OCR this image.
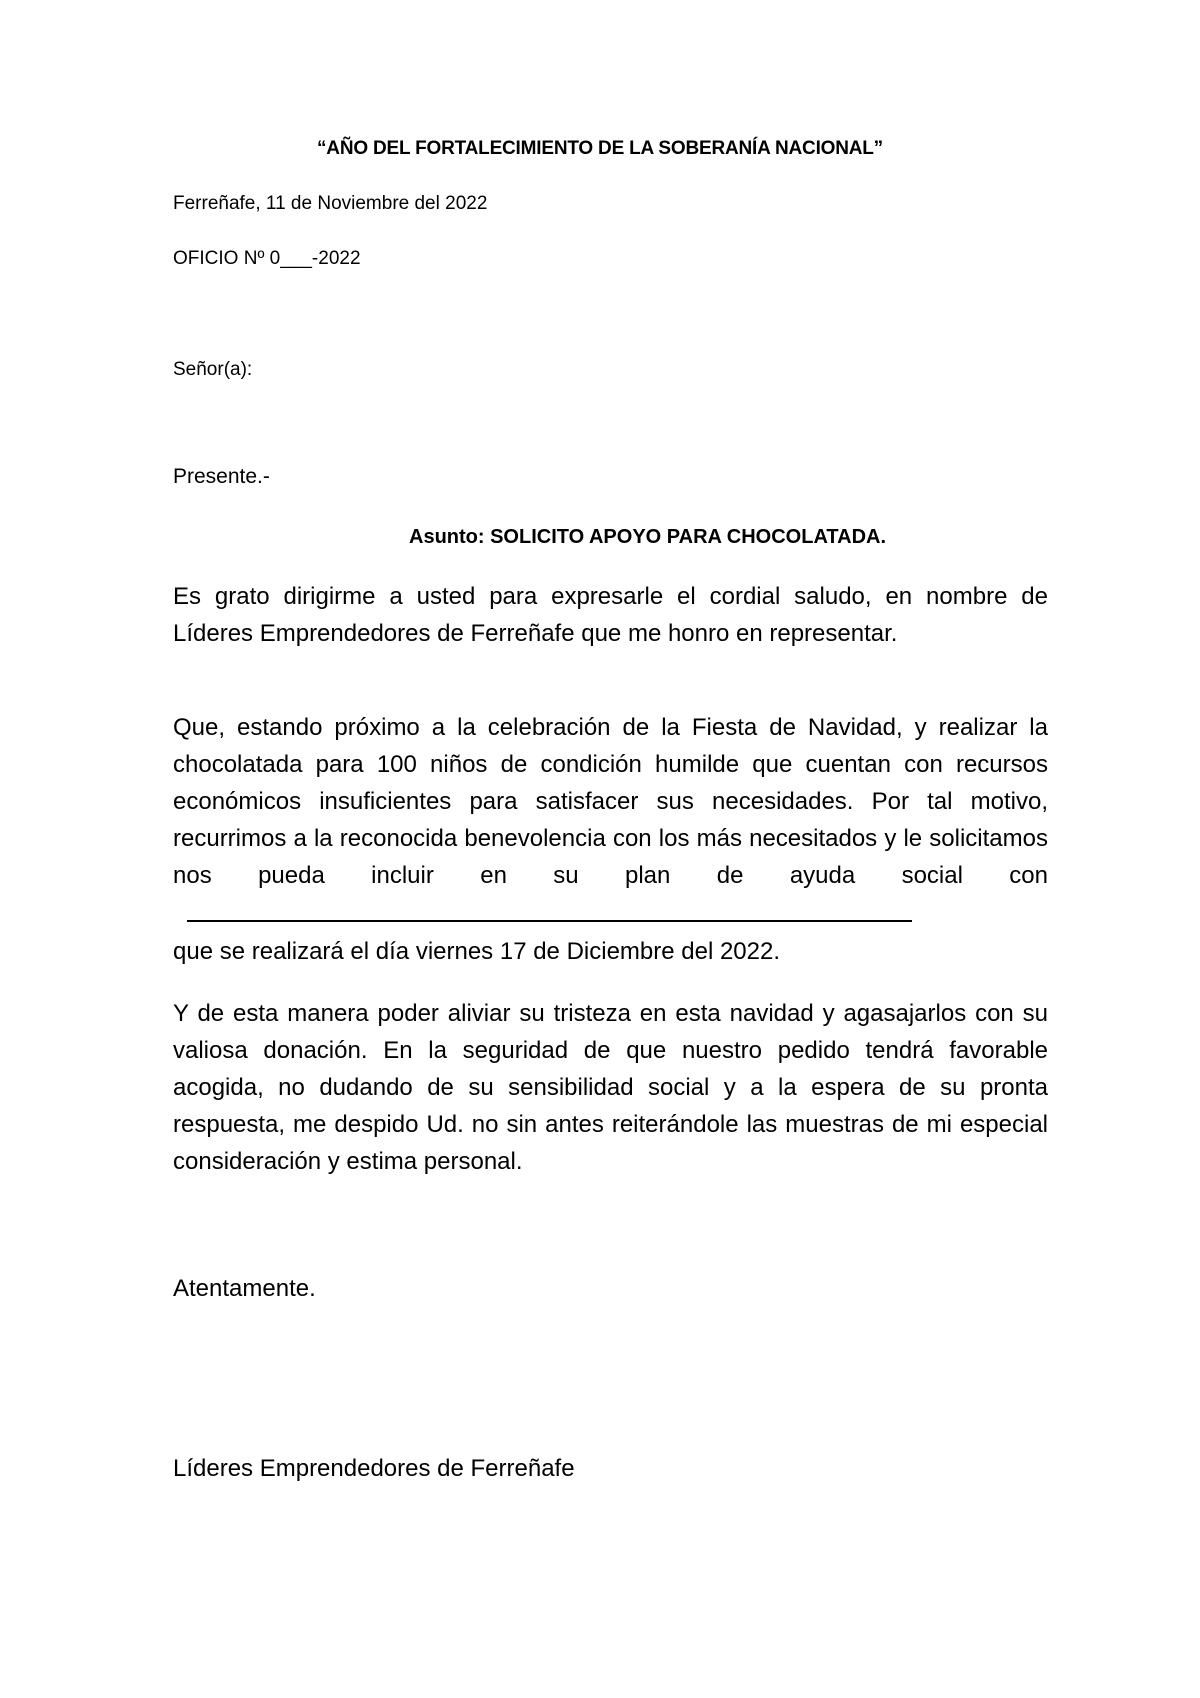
“AÑO DEL FORTALECIMIENTO DE LA SOBERANÍA NACIONAL”

Ferreñafe, 11 de Noviembre del 2022

OFICIO Nº 0___-2022

Señor(a):

Presente.-

Asunto: SOLICITO APOYO PARA CHOCOLATADA.

Es grato dirigirme a usted para expresarle el cordial saludo, en nombre de Líderes Emprendedores de Ferreñafe que me honro en representar.

Que, estando próximo a la celebración de la Fiesta de Navidad, y realizar la chocolatada para 100 niños de condición humilde que cuentan con recursos económicos insuficientes para satisfacer sus necesidades. Por tal motivo, recurrimos a la reconocida benevolencia con los más necesitados y le solicitamos nos pueda incluir en su plan de ayuda social con
que se realizará el día viernes 17 de Diciembre del 2022.

Y de esta manera poder aliviar su tristeza en esta navidad y agasajarlos con su valiosa donación. En la seguridad de que nuestro pedido tendrá favorable acogida, no dudando de su sensibilidad social y a la espera de su pronta respuesta, me despido Ud. no sin antes reiterándole las muestras de mi especial consideración y estima personal.

Atentamente.

Líderes Emprendedores de Ferreñafe
